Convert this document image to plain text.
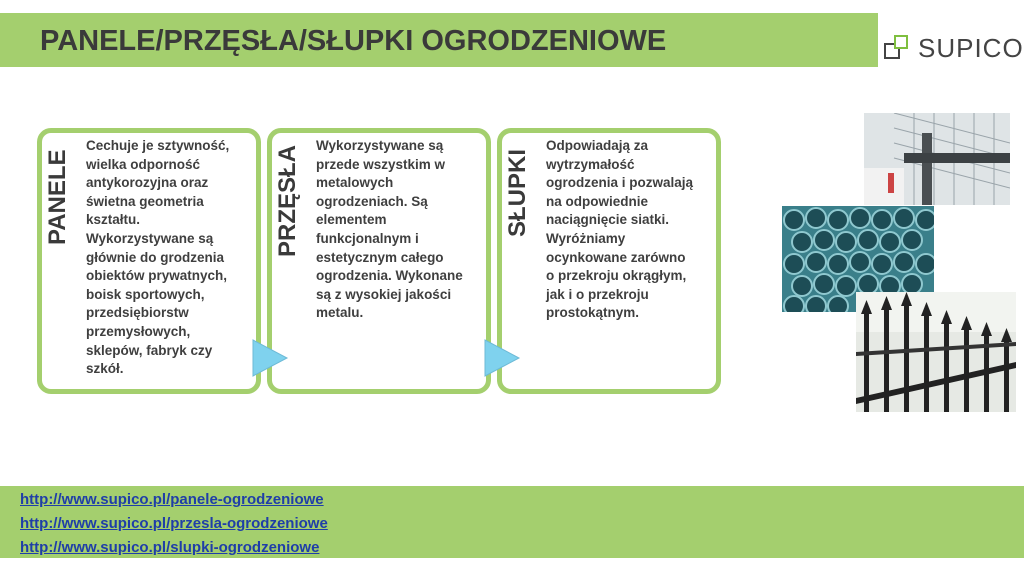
PANELE/PRZĘSŁA/SŁUPKI OGRODZENIOWE	SUPICO
PANELE
Cechuje je sztywność,
wielka odporność
antykorozyjna oraz
świetna geometria
kształtu.
Wykorzystywane są
głównie do grodzenia
obiektów prywatnych,
boisk sportowych,
przedsiębiorstw
przemysłowych,
sklepów, fabryk czy
szkół.
PRZĘSŁA	Wykorzystywane są
przede wszystkim w
metalowych
ogrodzeniach. Są
elementem
funkcjonalnym i
estetycznym całego
ogrodzenia. Wykonane
są z wysokiej jakości
metalu.
SŁUPKI
Odpowiadają za
wytrzymałość
ogrodzenia i pozwalają
na odpowiednie
naciągnięcie siatki.
Wyróżniamy
ocynkowane zarówno
o przekroju okrągłym,
jak i o przekroju
prostokątnym.
http://www.supico.pl/panele-ogrodzeniowe
http://www.supico.pl/przesla-ogrodzeniowe
http://www.supico.pl/slupki-ogrodzeniowe
